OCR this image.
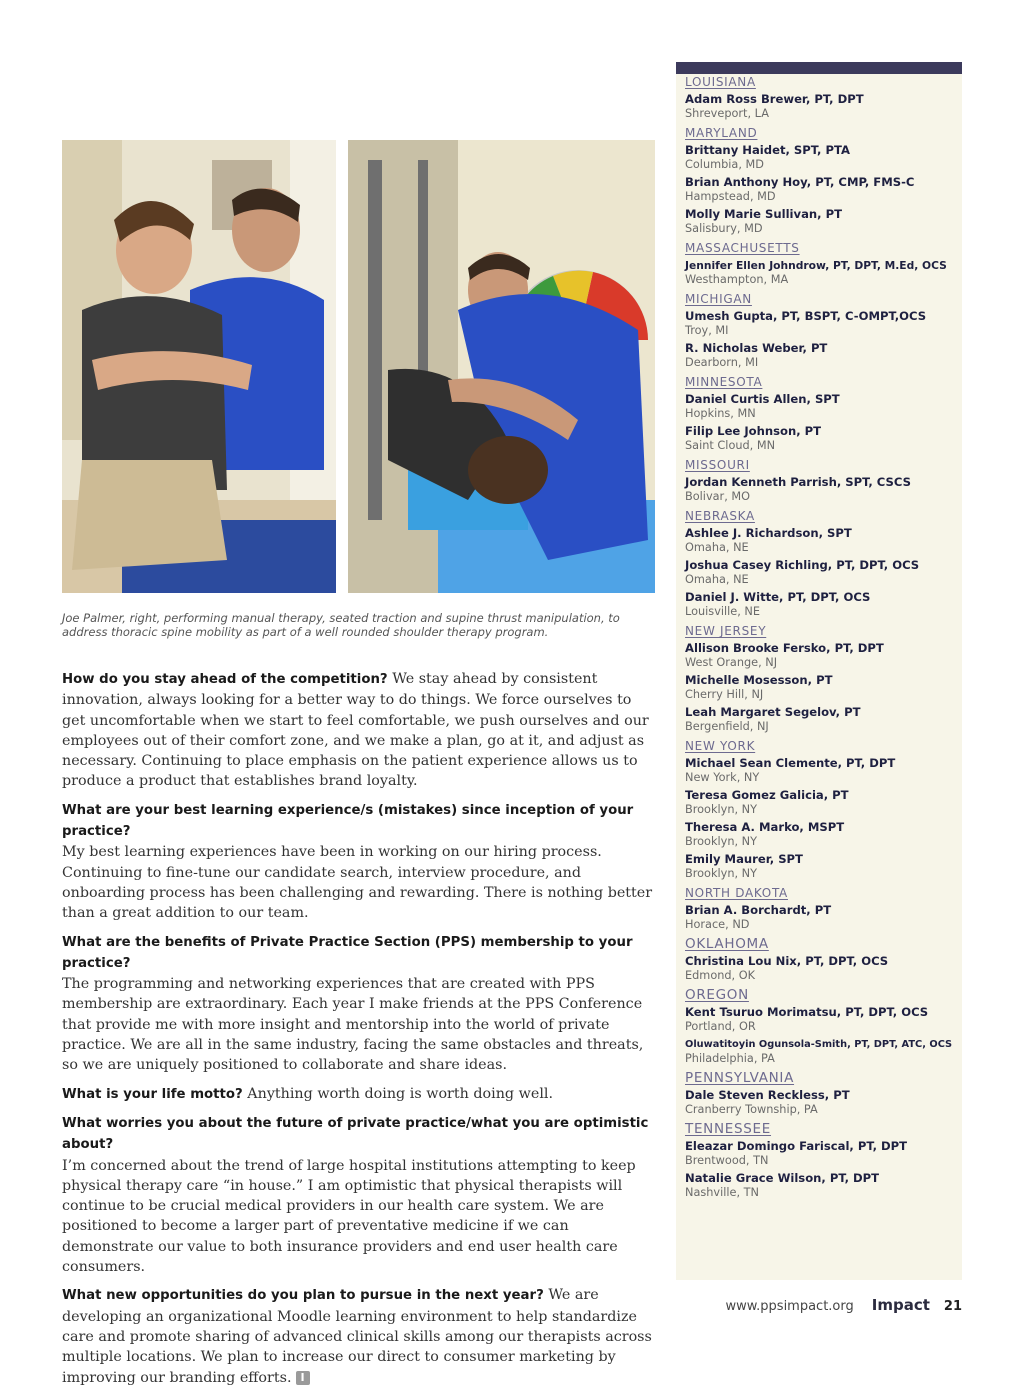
Joe Palmer, right, performing manual therapy, seated traction and supine thrust manipulation, to address thoracic spine mobility as part of a well rounded shoulder therapy program.

How do you stay ahead of the competition? We stay ahead by consistent innovation, always looking for a better way to do things. We force ourselves to get uncomfortable when we start to feel comfortable, we push ourselves and our employees out of their comfort zone, and we make a plan, go at it, and adjust as necessary. Continuing to place emphasis on the patient experience allows us to produce a product that establishes brand loyalty.

What are your best learning experience/s (mistakes) since inception of your practice?
My best learning experiences have been in working on our hiring process. Continuing to fine-tune our candidate search, interview procedure, and onboarding process has been challenging and rewarding. There is nothing better than a great addition to our team.

What are the benefits of Private Practice Section (PPS) membership to your practice?
The programming and networking experiences that are created with PPS membership are extraordinary. Each year I make friends at the PPS Conference that provide me with more insight and mentorship into the world of private practice. We are all in the same industry, facing the same obstacles and threats, so we are uniquely positioned to collaborate and share ideas.

What is your life motto? Anything worth doing is worth doing well.

What worries you about the future of private practice/what you are optimistic about?
I’m concerned about the trend of large hospital institutions attempting to keep physical therapy care “in house.” I am optimistic that physical therapists will continue to be crucial medical providers in our health care system. We are positioned to become a larger part of preventative medicine if we can demonstrate our value to both insurance providers and end user health care consumers.

What new opportunities do you plan to pursue in the next year? We are developing an organizational Moodle learning environment to help standardize care and promote sharing of advanced clinical skills among our therapists across multiple locations. We plan to increase our direct to consumer marketing by improving our branding efforts. I

LOUISIANA
Adam Ross Brewer, PT, DPT
Shreveport, LA
MARYLAND
Brittany Haidet, SPT, PTA
Columbia, MD
Brian Anthony Hoy, PT, CMP, FMS-C
Hampstead, MD
Molly Marie Sullivan, PT
Salisbury, MD
MASSACHUSETTS
Jennifer Ellen Johndrow, PT, DPT, M.Ed, OCS
Westhampton, MA
MICHIGAN
Umesh Gupta, PT, BSPT, C-OMPT,OCS
Troy, MI
R. Nicholas Weber, PT
Dearborn, MI
MINNESOTA
Daniel Curtis Allen, SPT
Hopkins, MN
Filip Lee Johnson, PT
Saint Cloud, MN
MISSOURI
Jordan Kenneth Parrish, SPT, CSCS
Bolivar, MO
NEBRASKA
Ashlee J. Richardson, SPT
Omaha, NE
Joshua Casey Richling, PT, DPT, OCS
Omaha, NE
Daniel J. Witte, PT, DPT, OCS
Louisville, NE
NEW JERSEY
Allison Brooke Fersko, PT, DPT
West Orange, NJ
Michelle Mosesson, PT
Cherry Hill, NJ
Leah Margaret Segelov, PT
Bergenfield, NJ
NEW YORK
Michael Sean Clemente, PT, DPT
New York, NY
Teresa Gomez Galicia, PT
Brooklyn, NY
Theresa A. Marko, MSPT
Brooklyn, NY
Emily Maurer, SPT
Brooklyn, NY
NORTH DAKOTA
Brian A. Borchardt, PT
Horace, ND
OKLAHOMA
Christina Lou Nix, PT, DPT, OCS
Edmond, OK
OREGON
Kent Tsuruo Morimatsu, PT, DPT, OCS
Portland, OR
Oluwatitoyin Ogunsola-Smith, PT, DPT, ATC, OCS
Philadelphia, PA
PENNSYLVANIA
Dale Steven Reckless, PT
Cranberry Township, PA
TENNESSEE
Eleazar Domingo Fariscal, PT, DPT
Brentwood, TN
Natalie Grace Wilson, PT, DPT
Nashville, TN
www.ppsimpact.org Impact 21
